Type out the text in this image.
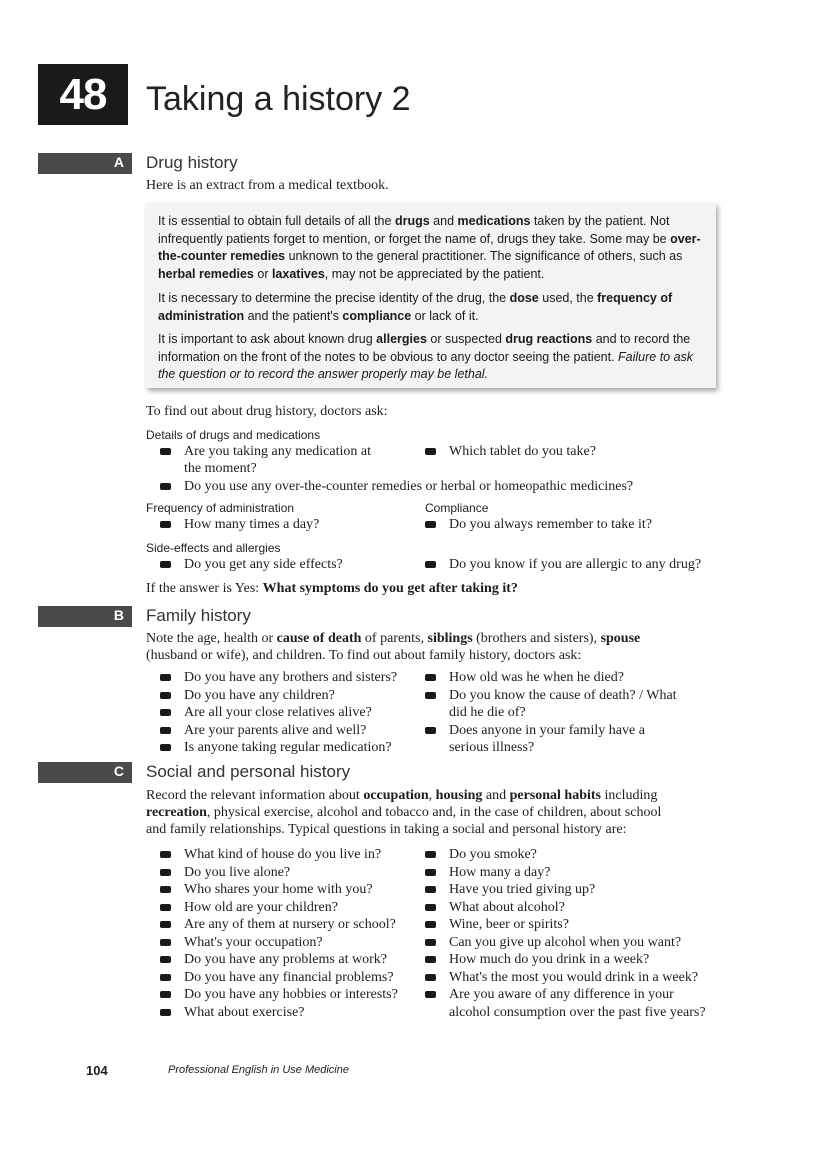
48	Taking a history 2
A Drug history
Here is an extract from a medical textbook.

It is essential to obtain full details of all the drugs and medications taken by the patient. Not infrequently patients forget to mention, or forget the name of, drugs they take. Some may be over-the-counter remedies unknown to the general practitioner. The significance of others, such as herbal remedies or laxatives, may not be appreciated by the patient.

It is necessary to determine the precise identity of the drug, the dose used, the frequency of administration and the patient's compliance or lack of it.

It is important to ask about known drug allergies or suspected drug reactions and to record the information on the front of the notes to be obvious to any doctor seeing the patient. Failure to ask the question or to record the answer properly may be lethal.

To find out about drug history, doctors ask:
Details of drugs and medications
Are you taking any medication at
the moment?
Which tablet do you take?
Do you use any over-the-counter remedies or herbal or homeopathic medicines?
Frequency of administration	Compliance
How many times a day?	Do you always remember to take it?
Side-effects and allergies
Do you get any side effects?	Do you know if you are allergic to any drug?
If the answer is Yes: What symptoms do you get after taking it?
B Family history
Note the age, health or cause of death of parents, siblings (brothers and sisters), spouse
(husband or wife), and children. To find out about family history, doctors ask:
Do you have any brothers and sisters?
Do you have any children?
Are all your close relatives alive?
Are your parents alive and well?
Is anyone taking regular medication?
How old was he when he died?
Do you know the cause of death? / What
did he die of?
Does anyone in your family have a
serious illness?
C Social and personal history
Record the relevant information about occupation, housing and personal habits including
recreation, physical exercise, alcohol and tobacco and, in the case of children, about school
and family relationships. Typical questions in taking a social and personal history are:
What kind of house do you live in?
Do you live alone?
Who shares your home with you?
How old are your children?
Are any of them at nursery or school?
What's your occupation?
Do you have any problems at work?
Do you have any financial problems?
Do you have any hobbies or interests?
What about exercise?
Do you smoke?
How many a day?
Have you tried giving up?
What about alcohol?
Wine, beer or spirits?
Can you give up alcohol when you want?
How much do you drink in a week?
What's the most you would drink in a week?
Are you aware of any difference in your
alcohol consumption over the past five years?
104	Professional English in Use Medicine
